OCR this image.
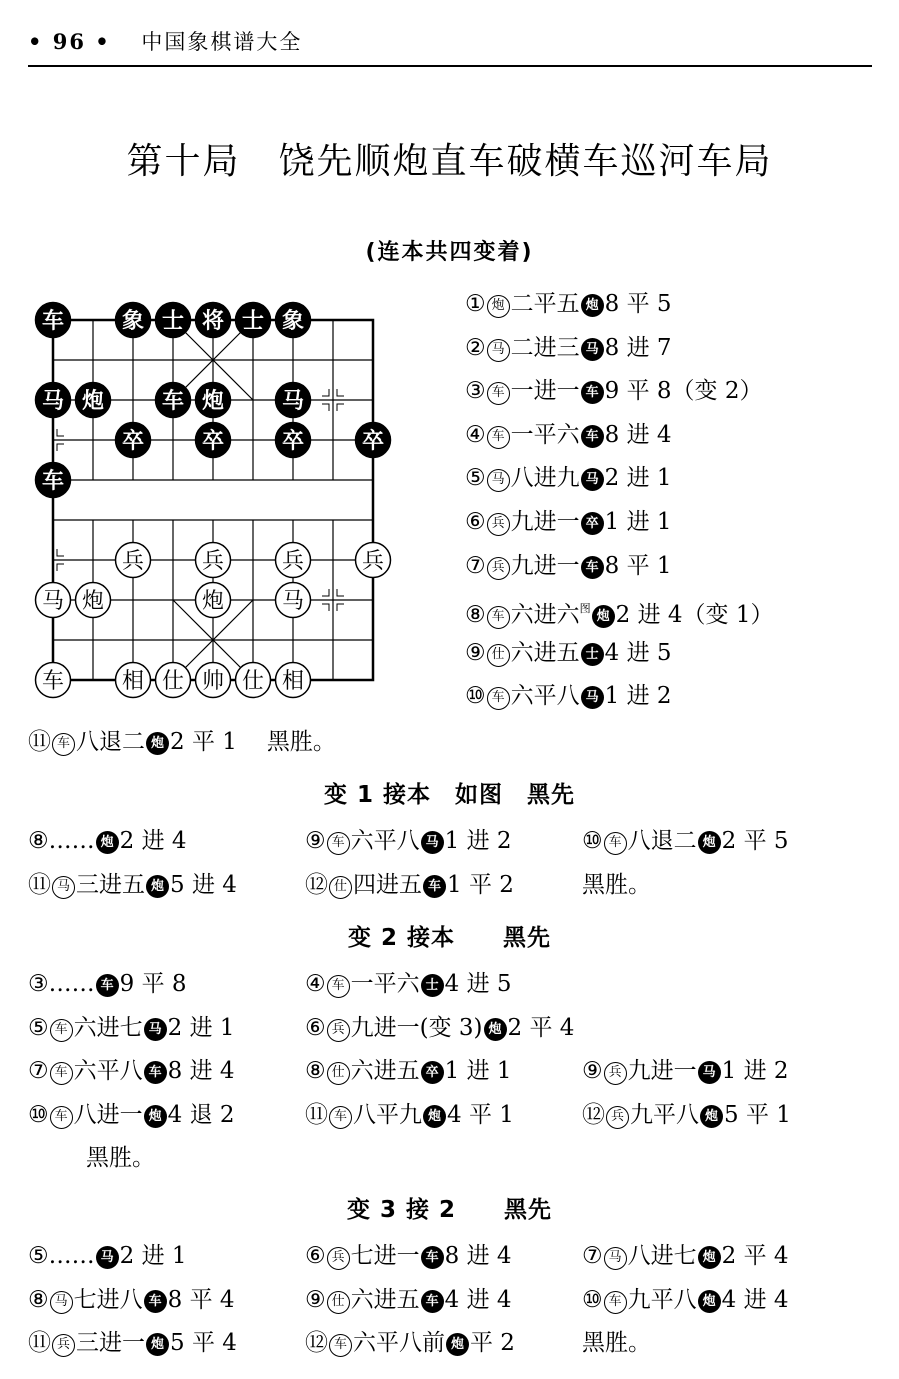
• 96 • 中国象棋谱大全
第十局　饶先顺炮直车破横车巡河车局
(连本共四变着)
车	象 士 将 士 象
马 炮	车 炮	马
卒	卒	卒	卒
车
兵	兵	兵	兵
马 炮	炮	马
车	相 仕 帅 仕 相
① 炮 二平五 炮 8 平 5
② 马 二进三 马 8 进 7
③ 车 一进一 车 9 平 8（变 2）
④ 车 一平六 车 8 进 4
⑤ 马 八进九 马 2 进 1
⑥ 兵 九进一 卒 1 进 1
⑦ 兵 九进一 车 8 平 1
⑧ 车 六进六$^图$炮 2 进 4（变 1）
⑨ 仕 六进五 士 4 进 5
⑩ 车 六平八 马 1 进 2
⑪ 车 八退二 炮 2 平 1 黑胜。
变 1 接本　如图　黑先
⑧…… 炮 2 进 4	⑨ 车 六平八 马 1 进 2	⑩ 车 八退二 炮 2 平 5
⑪ 马 三进五 炮 5 进 4	⑫ 仕 四进五 车 1 平 2	黑胜。
变 2 接本　　黑先
③…… 车 9 平 8	④ 车 一平六 士 4 进 5
⑤ 车 六进七 马 2 进 1	⑥ 兵 九进一(变 3) 炮 2 平 4
⑦ 车 六平八 车 8 进 4	⑧ 仕 六进五 卒 1 进 1	⑨ 兵 九进一 马 1 进 2
⑩ 车 八进一 炮 4 退 2	⑪ 车 八平九 炮 4 平 1	⑫ 兵 九平八 炮 5 平 1
黑胜。
变 3 接 2　　黑先
⑤…… 马 2 进 1	⑥ 兵 七进一 车 8 进 4	⑦ 马 八进七 炮 2 平 4
⑧ 马 七进八 车 8 平 4	⑨ 仕 六进五 车 4 进 4	⑩ 车 九平八 炮 4 进 4
⑪ 兵 三进一 炮 5 平 4	⑫ 车 六平八前 炮 平 2	黑胜。
